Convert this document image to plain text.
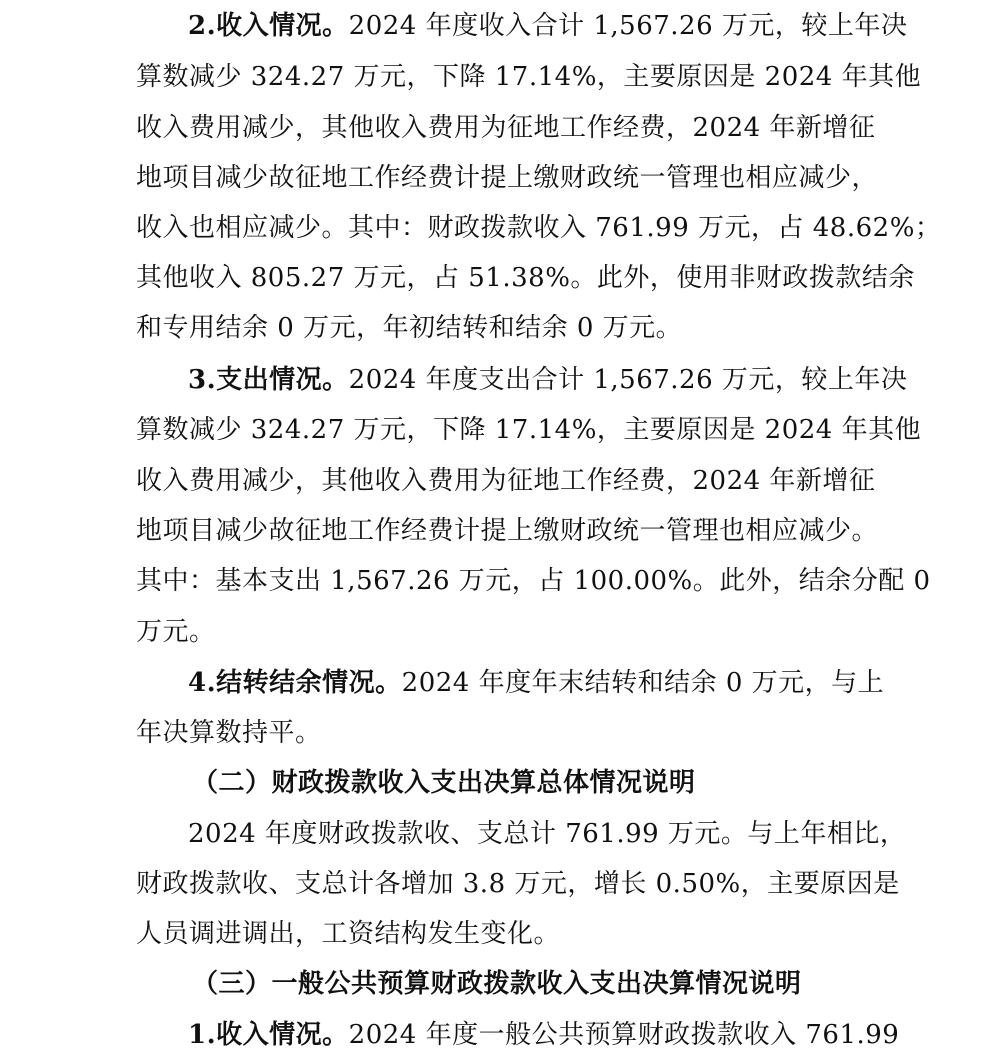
2.收入情况。2024 年度收入合计 1,567.26 万元，较上年决
算数减少 324.27 万元，下降 17.14%，主要原因是 2024 年其他
收入费用减少，其他收入费用为征地工作经费，2024 年新增征
地项目减少故征地工作经费计提上缴财政统一管理也相应减少，
收入也相应减少。其中：财政拨款收入 761.99 万元，占 48.62%；
其他收入 805.27 万元，占 51.38%。此外，使用非财政拨款结余
和专用结余 0 万元，年初结转和结余 0 万元。
3.支出情况。2024 年度支出合计 1,567.26 万元，较上年决
算数减少 324.27 万元，下降 17.14%，主要原因是 2024 年其他
收入费用减少，其他收入费用为征地工作经费，2024 年新增征
地项目减少故征地工作经费计提上缴财政统一管理也相应减少。
其中：基本支出 1,567.26 万元，占 100.00%。此外，结余分配 0
万元。
4.结转结余情况。2024 年度年末结转和结余 0 万元，与上
年决算数持平。
（二）财政拨款收入支出决算总体情况说明
2024 年度财政拨款收、支总计 761.99 万元。与上年相比，
财政拨款收、支总计各增加 3.8 万元，增长 0.50%，主要原因是
人员调进调出，工资结构发生变化。
（三）一般公共预算财政拨款收入支出决算情况说明
1.收入情况。2024 年度一般公共预算财政拨款收入 761.99
